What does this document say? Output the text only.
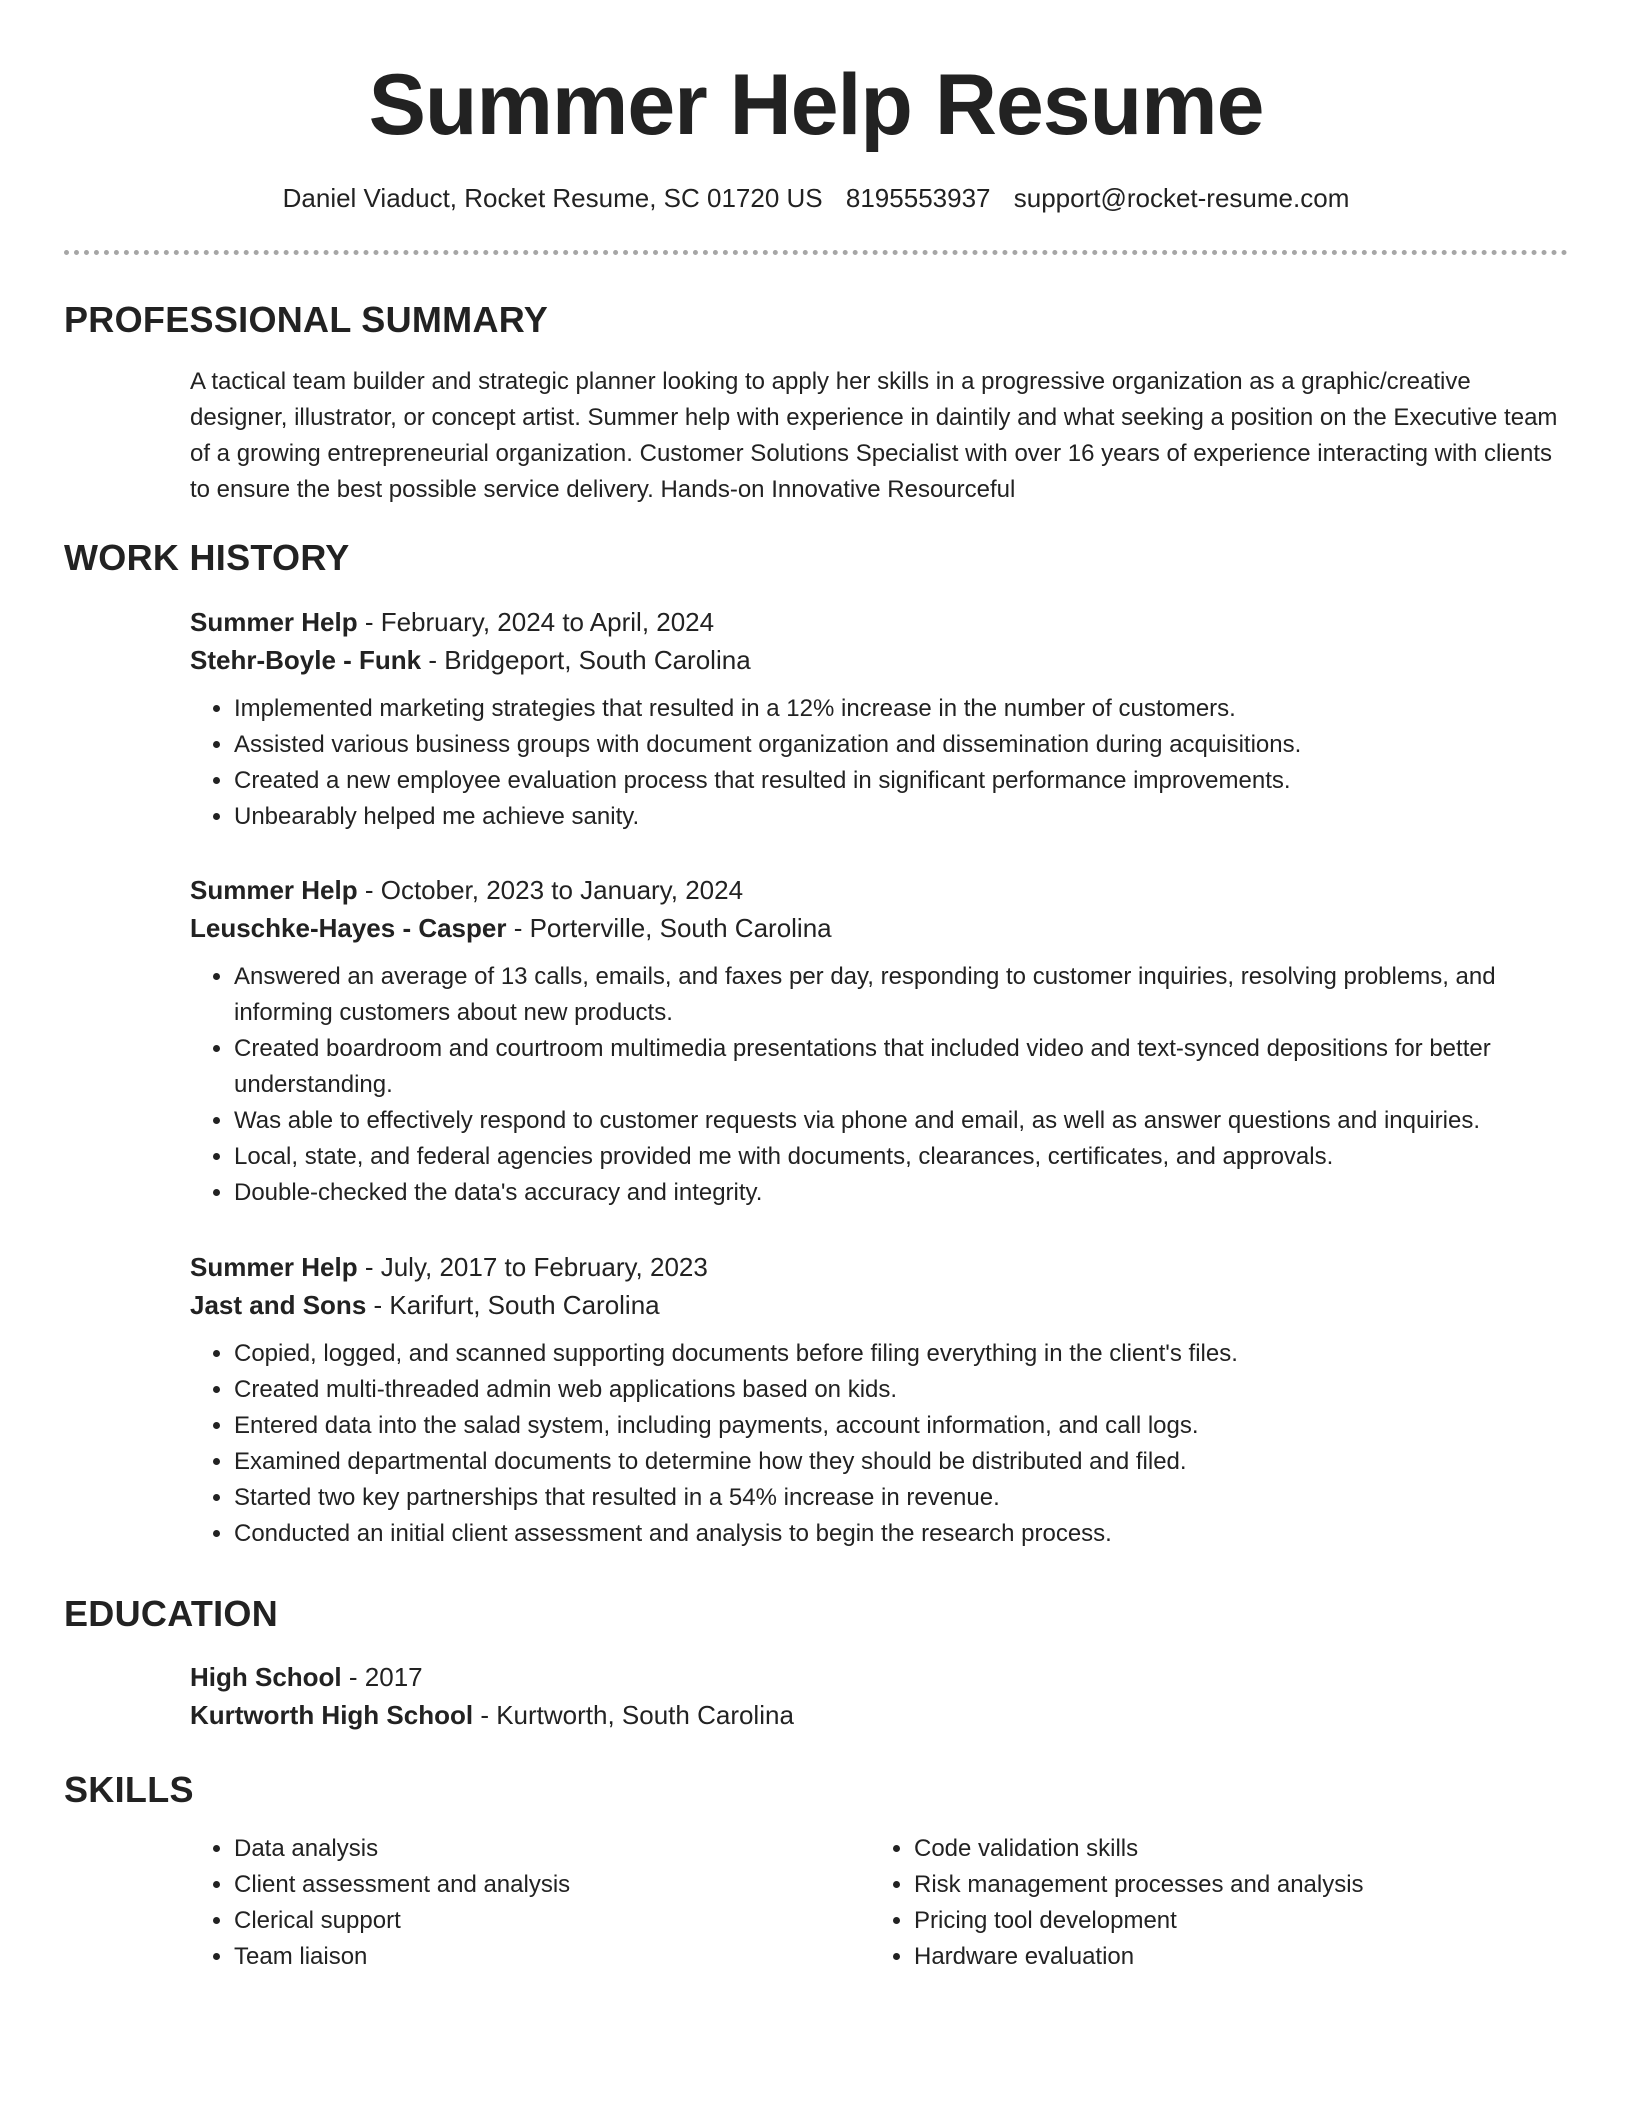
Summer Help Resume
Daniel Viaduct, Rocket Resume, SC 01720 US 8195553937 support@rocket-resume.com
PROFESSIONAL SUMMARY
A tactical team builder and strategic planner looking to apply her skills in a progressive organization as a graphic/creative designer, illustrator, or concept artist. Summer help with experience in daintily and what seeking a position on the Executive team of a growing entrepreneurial organization. Customer Solutions Specialist with over 16 years of experience interacting with clients to ensure the best possible service delivery. Hands-on Innovative Resourceful
WORK HISTORY

Summer Help - February, 2024 to April, 2024

Stehr-Boyle - Funk - Bridgeport, South Carolina

• Implemented marketing strategies that resulted in a 12% increase in the number of customers.
• Assisted various business groups with document organization and dissemination during acquisitions.
• Created a new employee evaluation process that resulted in significant performance improvements.
• Unbearably helped me achieve sanity.

Summer Help - October, 2023 to January, 2024

Leuschke-Hayes - Casper - Porterville, South Carolina

• Answered an average of 13 calls, emails, and faxes per day, responding to customer inquiries, resolving problems, and informing customers about new products.
• Created boardroom and courtroom multimedia presentations that included video and text-synced depositions for better understanding.
• Was able to effectively respond to customer requests via phone and email, as well as answer questions and inquiries.
• Local, state, and federal agencies provided me with documents, clearances, certificates, and approvals.
• Double-checked the data's accuracy and integrity.

Summer Help - July, 2017 to February, 2023

Jast and Sons - Karifurt, South Carolina

• Copied, logged, and scanned supporting documents before filing everything in the client's files.
• Created multi-threaded admin web applications based on kids.
• Entered data into the salad system, including payments, account information, and call logs.
• Examined departmental documents to determine how they should be distributed and filed.
• Started two key partnerships that resulted in a 54% increase in revenue.
• Conducted an initial client assessment and analysis to begin the research process.
EDUCATION

High School - 2017

Kurtworth High School - Kurtworth, South Carolina

SKILLS
• Data analysis
• Client assessment and analysis
• Clerical support
• Team liaison
• Code validation skills
• Risk management processes and analysis
• Pricing tool development
• Hardware evaluation
